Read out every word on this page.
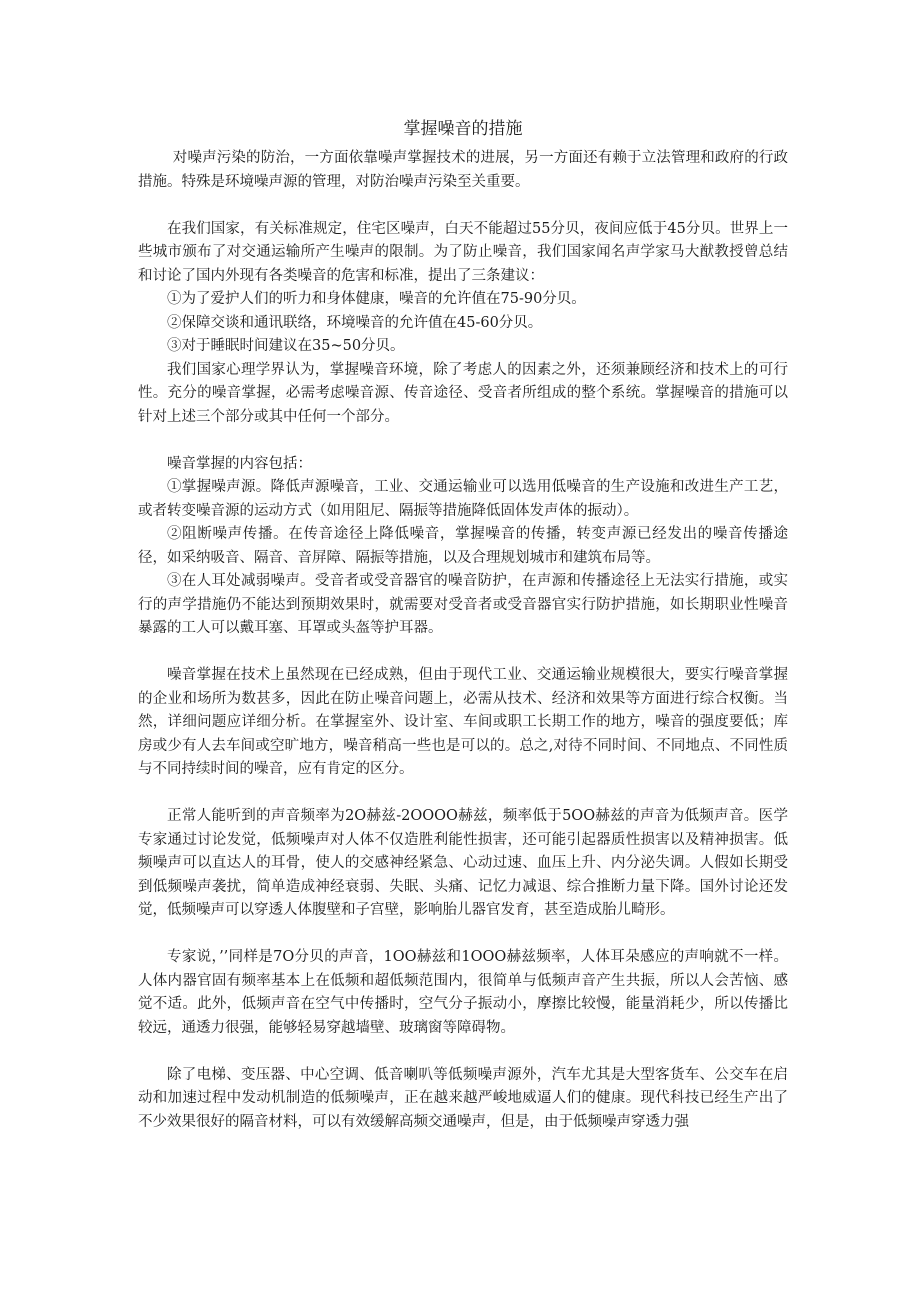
掌握噪音的措施

对噪声污染的防治，一方面依靠噪声掌握技术的进展，另一方面还有赖于立法管理和政府的行政措施。特殊是环境噪声源的管理，对防治噪声污染至关重要。

在我们国家，有关标准规定，住宅区噪声，白天不能超过55分贝，夜间应低于45分贝。世界上一些城市颁布了对交通运输所产生噪声的限制。为了防止噪音，我们国家闻名声学家马大猷教授曾总结和讨论了国内外现有各类噪音的危害和标准，提出了三条建议：

①为了爱护人们的听力和身体健康，噪音的允许值在75-90分贝。

②保障交谈和通讯联络，环境噪音的允许值在45-60分贝。

③对于睡眠时间建议在35~50分贝。

我们国家心理学界认为，掌握噪音环境，除了考虑人的因素之外，还须兼顾经济和技术上的可行性。充分的噪音掌握，必需考虑噪音源、传音途径、受音者所组成的整个系统。掌握噪音的措施可以针对上述三个部分或其中任何一个部分。

噪音掌握的内容包括：

①掌握噪声源。降低声源噪音，工业、交通运输业可以选用低噪音的生产设施和改进生产工艺，或者转变噪音源的运动方式（如用阻尼、隔振等措施降低固体发声体的振动）。

②阻断噪声传播。在传音途径上降低噪音，掌握噪音的传播，转变声源已经发出的噪音传播途径，如采纳吸音、隔音、音屏障、隔振等措施，以及合理规划城市和建筑布局等。

③在人耳处减弱噪声。受音者或受音器官的噪音防护，在声源和传播途径上无法实行措施，或实行的声学措施仍不能达到预期效果时，就需要对受音者或受音器官实行防护措施，如长期职业性噪音暴露的工人可以戴耳塞、耳罩或头盔等护耳器。

噪音掌握在技术上虽然现在已经成熟，但由于现代工业、交通运输业规模很大，要实行噪音掌握的企业和场所为数甚多，因此在防止噪音问题上，必需从技术、经济和效果等方面进行综合权衡。当然，详细问题应详细分析。在掌握室外、设计室、车间或职工长期工作的地方，噪音的强度要低；库房或少有人去车间或空旷地方，噪音稍高一些也是可以的。总之,对待不同时间、不同地点、不同性质与不同持续时间的噪音，应有肯定的区分。

正常人能听到的声音频率为2O赫兹-2OOOO赫兹，频率低于5OO赫兹的声音为低频声音。医学专家通过讨论发觉，低频噪声对人体不仅造胜利能性损害，还可能引起器质性损害以及精神损害。低频噪声可以直达人的耳骨，使人的交感神经紧急、心动过速、血压上升、内分泌失调。人假如长期受到低频噪声袭扰，简单造成神经衰弱、失眠、头痛、记忆力减退、综合推断力量下降。国外讨论还发觉，低频噪声可以穿透人体腹壁和子宫壁，影响胎儿器官发育，甚至造成胎儿畸形。

专家说，’’同样是7O分贝的声音，1OO赫兹和1OOO赫兹频率，人体耳朵感应的声响就不一样。人体内器官固有频率基本上在低频和超低频范围内，很简单与低频声音产生共振，所以人会苦恼、感觉不适。此外，低频声音在空气中传播时，空气分子振动小，摩擦比较慢，能量消耗少，所以传播比较远，通透力很强，能够轻易穿越墙壁、玻璃窗等障碍物。

除了电梯、变压器、中心空调、低音喇叭等低频噪声源外，汽车尤其是大型客货车、公交车在启动和加速过程中发动机制造的低频噪声，正在越来越严峻地威逼人们的健康。现代科技已经生产出了不少效果很好的隔音材料，可以有效缓解高频交通噪声，但是，由于低频噪声穿透力强
